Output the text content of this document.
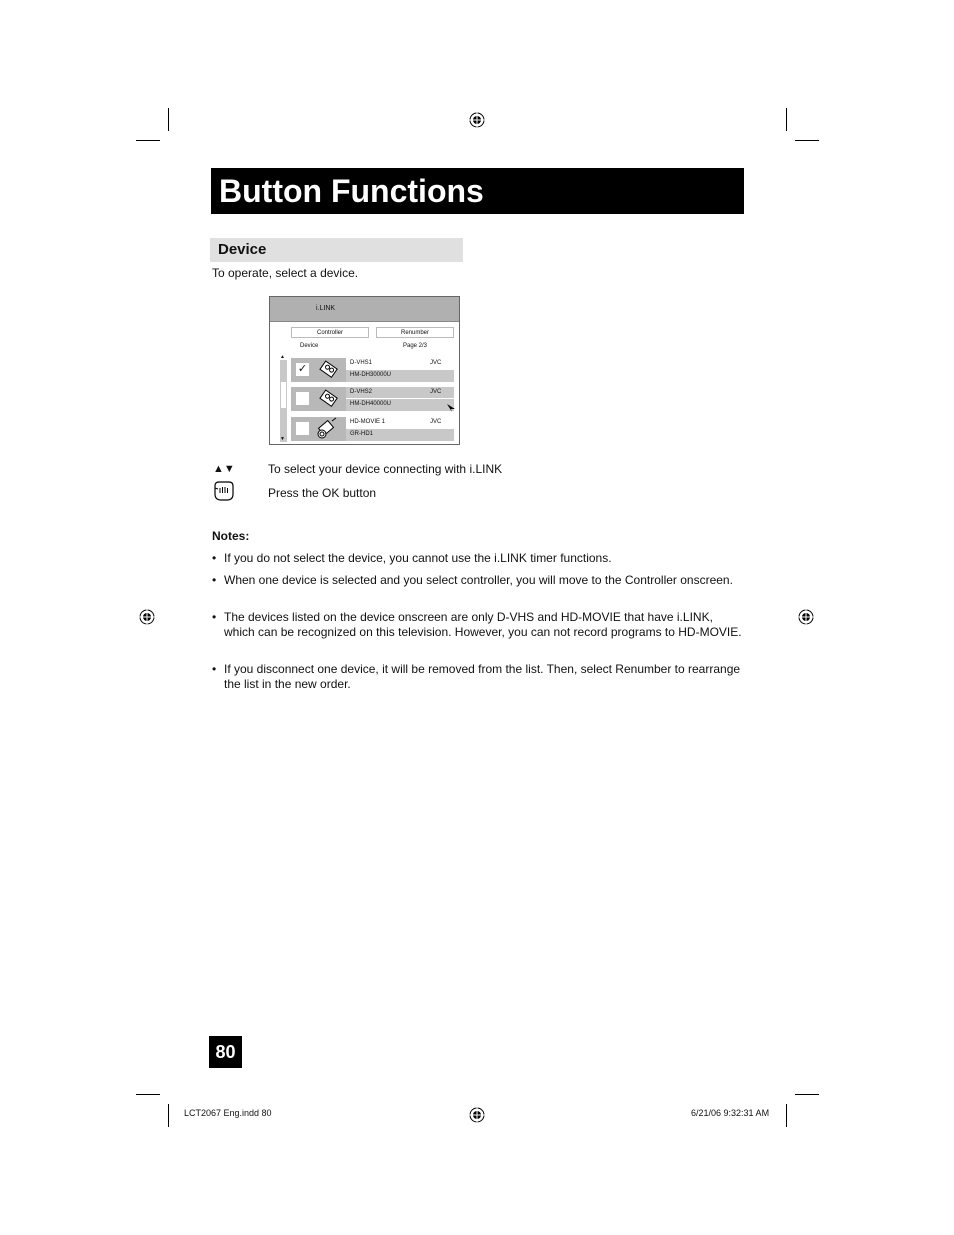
Button Functions
Device
To operate, select a device.
i.LINK
Controller	Renumber
Device	Page 2/3
▲
▼
✓	D-VHS1	JVC
HM-DH30000U
D-VHS2	JVC
HM-DH40000U
HD-MOVIE 1	JVC
GR-HD1
▲▼	To select your device connecting with i.LINK
Press the OK button
Notes:
• If you do not select the device, you cannot use the i.LINK timer functions.
• When one device is selected and you select controller, you will move to the Controller onscreen.
• The devices listed on the device onscreen are only D-VHS and HD-MOVIE that have i.LINK, which can be recognized on this television. However, you can not record programs to HD-MOVIE.
• If you disconnect one device, it will be removed from the list. Then, select Renumber to rearrange the list in the new order.
80
LCT2067 Eng.indd 80	6/21/06 9:32:31 AM
